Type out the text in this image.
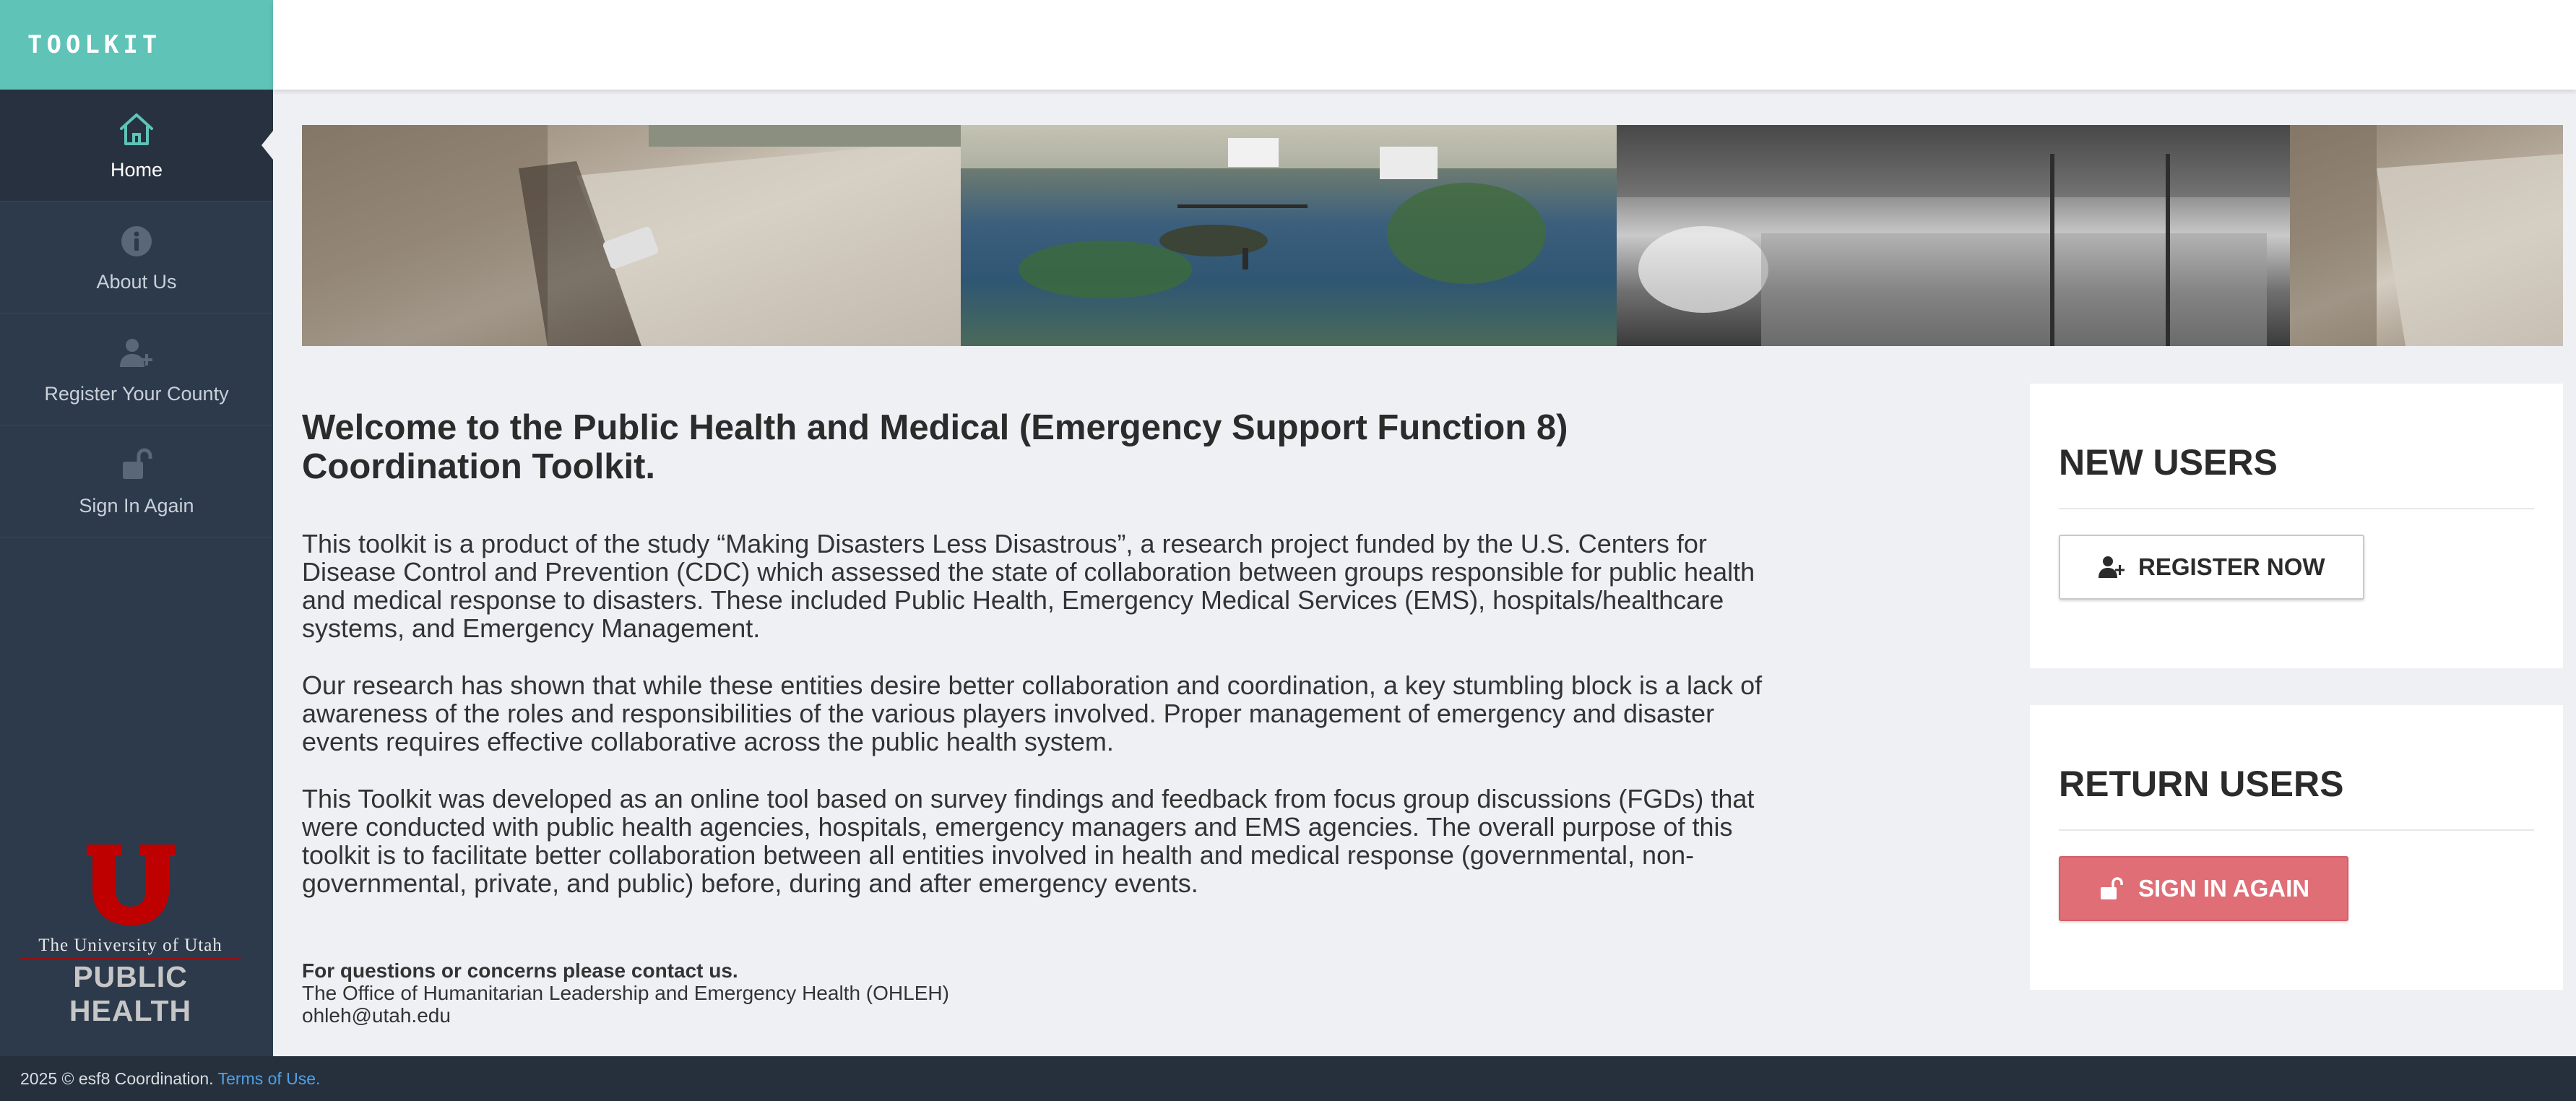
TOOLKIT
Home
About Us
Register Your County
Sign In Again
The University of Utah
PUBLIC HEALTH
Welcome to the Public Health and Medical (Emergency Support Function 8) Coordination Toolkit.

This toolkit is a product of the study “Making Disasters Less Disastrous”, a research project funded by the U.S. Centers for Disease Control and Prevention (CDC) which assessed the state of collaboration between groups responsible for public health and medical response to disasters. These included Public Health, Emergency Medical Services (EMS), hospitals/healthcare systems, and Emergency Management.

Our research has shown that while these entities desire better collaboration and coordination, a key stumbling block is a lack of awareness of the roles and responsibilities of the various players involved. Proper management of emergency and disaster events requires effective collaborative across the public health system.

This Toolkit was developed as an online tool based on survey findings and feedback from focus group discussions (FGDs) that were conducted with public health agencies, hospitals, emergency managers and EMS agencies. The overall purpose of this toolkit is to facilitate better collaboration between all entities involved in health and medical response (governmental, non-governmental, private, and public) before, during and after emergency events.

For questions or concerns please contact us.
The Office of Humanitarian Leadership and Emergency Health (OHLEH)
ohleh@utah.edu
NEW USERS
REGISTER NOW
RETURN USERS
SIGN IN AGAIN
2025 © esf8 Coordination. Terms of Use.
